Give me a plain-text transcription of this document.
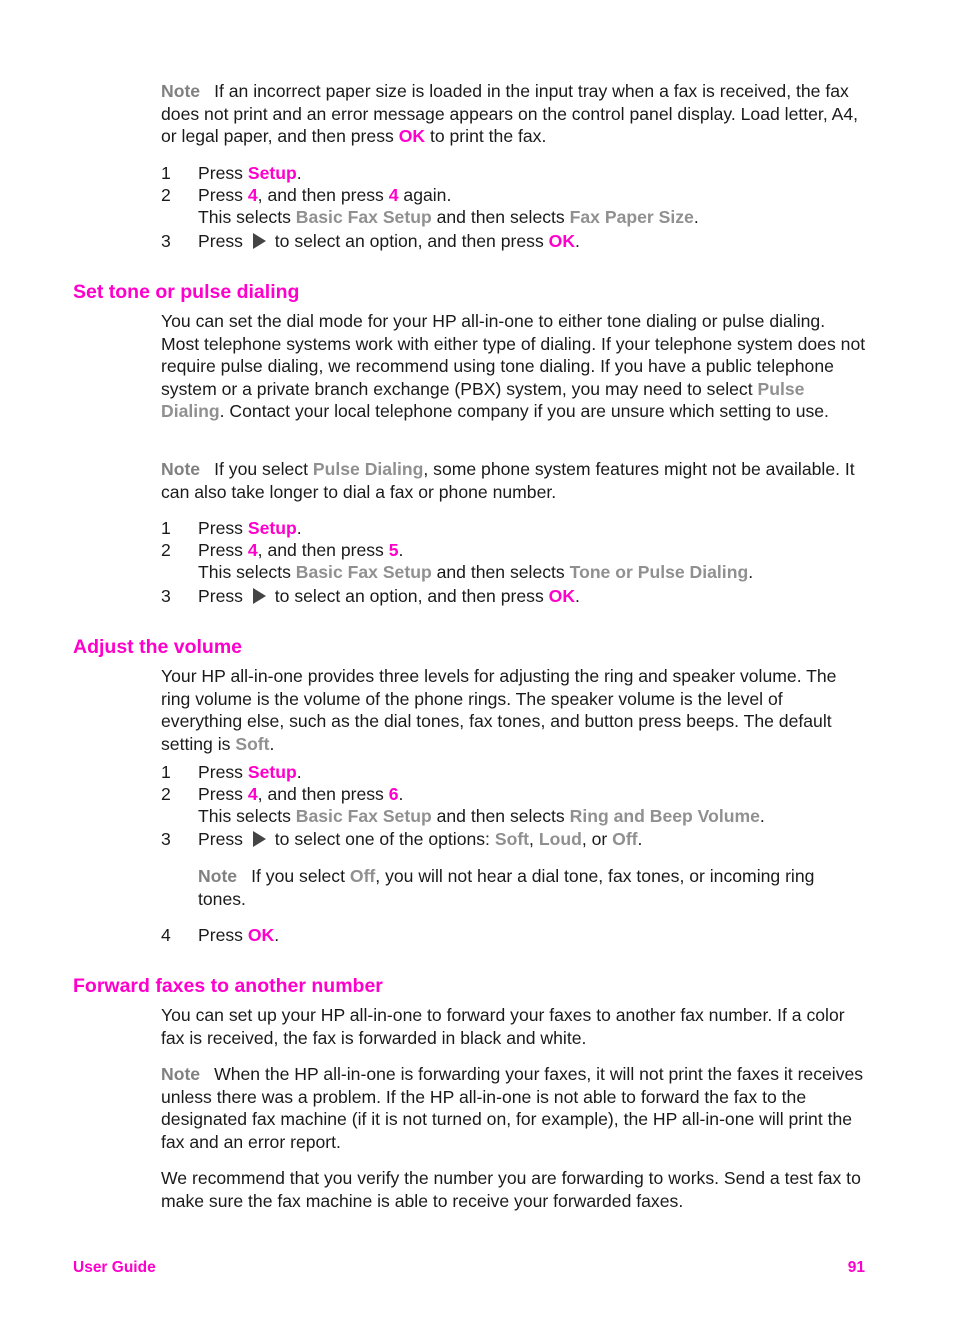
Note If an incorrect paper size is loaded in the input tray when a fax is received, the fax does not print and an error message appears on the control panel display. Load letter, A4, or legal paper, and then press OK to print the fax.

1 Press Setup.
2 Press 4, and then press 4 again.
This selects Basic Fax Setup and then selects Fax Paper Size.
3 Press  to select an option, and then press OK.
Set tone or pulse dialing

You can set the dial mode for your HP all-in-one to either tone dialing or pulse dialing. Most telephone systems work with either type of dialing. If your telephone system does not require pulse dialing, we recommend using tone dialing. If you have a public telephone system or a private branch exchange (PBX) system, you may need to select Pulse Dialing. Contact your local telephone company if you are unsure which setting to use.

Note If you select Pulse Dialing, some phone system features might not be available. It can also take longer to dial a fax or phone number.

1 Press Setup.
2 Press 4, and then press 5.
This selects Basic Fax Setup and then selects Tone or Pulse Dialing.
3 Press  to select an option, and then press OK.
Adjust the volume

Your HP all-in-one provides three levels for adjusting the ring and speaker volume. The ring volume is the volume of the phone rings. The speaker volume is the level of everything else, such as the dial tones, fax tones, and button press beeps. The default setting is Soft.

1 Press Setup.
2 Press 4, and then press 6.
This selects Basic Fax Setup and then selects Ring and Beep Volume.
3 Press  to select one of the options: Soft, Loud, or Off.

Note If you select Off, you will not hear a dial tone, fax tones, or incoming ring tones.

4 Press OK.
Forward faxes to another number

You can set up your HP all-in-one to forward your faxes to another fax number. If a color fax is received, the fax is forwarded in black and white.

Note When the HP all-in-one is forwarding your faxes, it will not print the faxes it receives unless there was a problem. If the HP all-in-one is not able to forward the fax to the designated fax machine (if it is not turned on, for example), the HP all-in-one will print the fax and an error report.

We recommend that you verify the number you are forwarding to works. Send a test fax to make sure the fax machine is able to receive your forwarded faxes.

User Guide	91
